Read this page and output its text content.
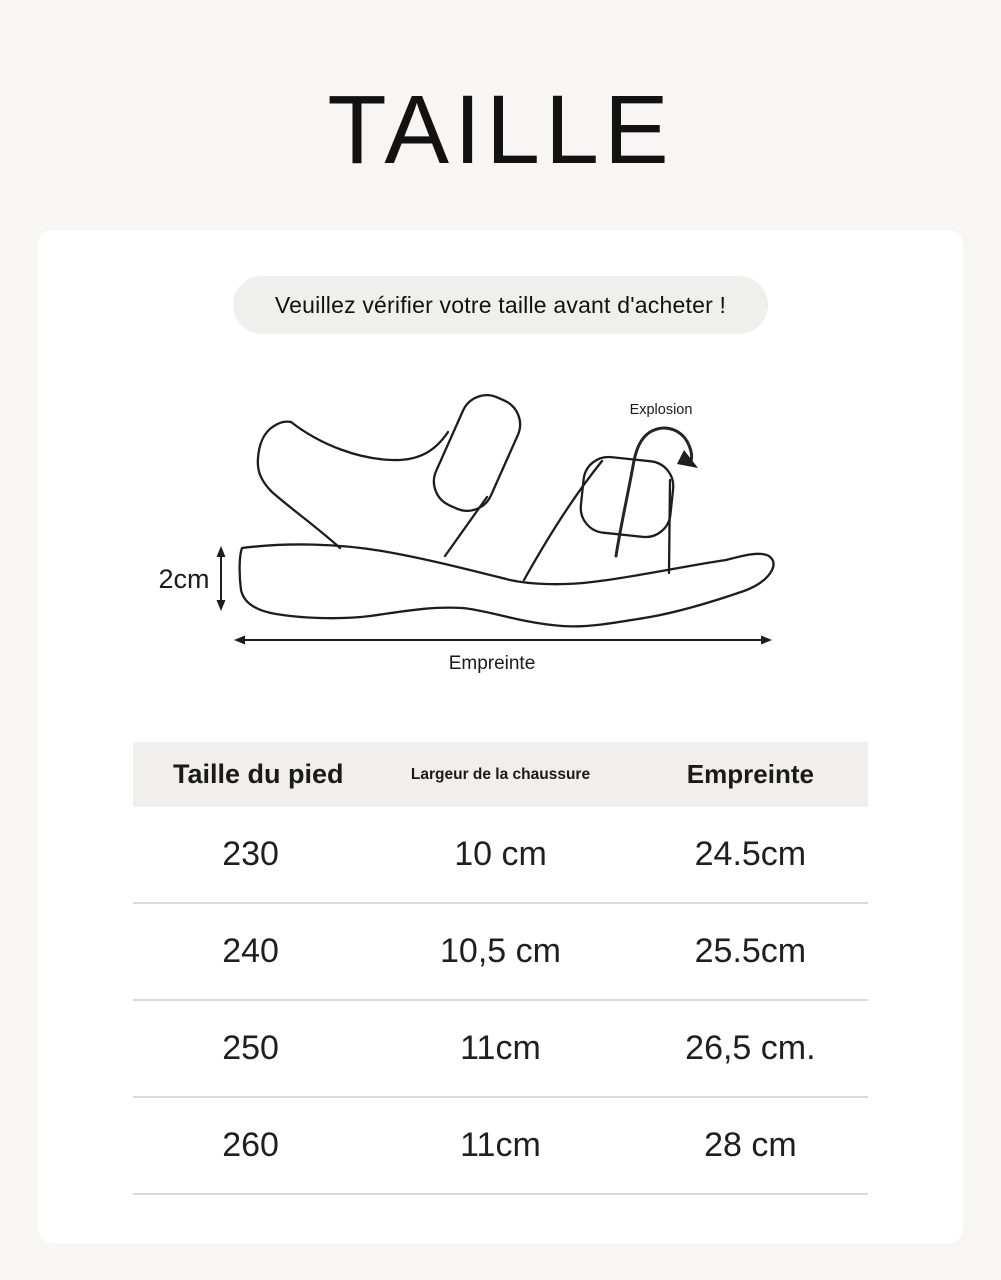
TAILLE
Veuillez vérifier votre taille avant d'acheter !
Explosion
2cm
Empreinte
Taille du pied	Largeur de la chaussure	Empreinte
230	10 cm	24.5cm
240	10,5 cm	25.5cm
250	11cm	26,5 cm.
260	11cm	28 cm
